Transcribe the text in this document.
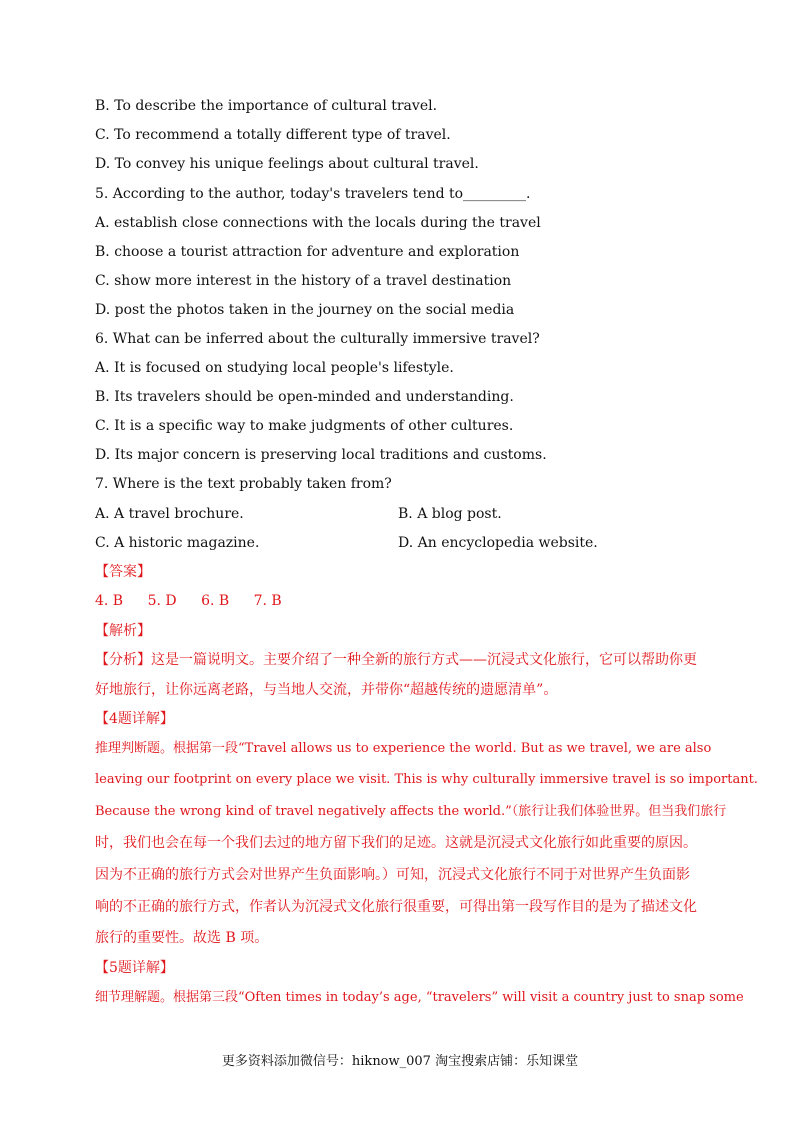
B. To describe the importance of cultural travel.
C. To recommend a totally different type of travel.
D. To convey his unique feelings about cultural travel.
5. According to the author, today's travelers tend to_________.
A. establish close connections with the locals during the travel
B. choose a tourist attraction for adventure and exploration
C. show more interest in the history of a travel destination
D. post the photos taken in the journey on the social media
6. What can be inferred about the culturally immersive travel?
A. It is focused on studying local people's lifestyle.
B. Its travelers should be open-minded and understanding.
C. It is a specific way to make judgments of other cultures.
D. Its major concern is preserving local traditions and customs.
7. Where is the text probably taken from?
A. A travel brochure.	B. A blog post.
C. A historic magazine.	D. An encyclopedia website.
【答案】
4. B 5. D 6. B 7. B
【解析】
【分析】这是一篇说明文。主要介绍了一种全新的旅行方式——沉浸式文化旅行，它可以帮助你更
好地旅行，让你远离老路，与当地人交流，并带你“超越传统的遗愿清单”。
【4题详解】
推理判断题。根据第一段“Travel allows us to experience the world. But as we travel, we are also
leaving our footprint on every place we visit. This is why culturally immersive travel is so important.
Because the wrong kind of travel negatively affects the world.”（旅行让我们体验世界。但当我们旅行
时，我们也会在每一个我们去过的地方留下我们的足迹。这就是沉浸式文化旅行如此重要的原因。
因为不正确的旅行方式会对世界产生负面影响。）可知，沉浸式文化旅行不同于对世界产生负面影
响的不正确的旅行方式，作者认为沉浸式文化旅行很重要，可得出第一段写作目的是为了描述文化
旅行的重要性。故选 B 项。
【5题详解】
细节理解题。根据第三段“Often times in today’s age, “travelers” will visit a country just to snap some
更多资料添加微信号：hiknow_007 淘宝搜索店铺：乐知课堂
